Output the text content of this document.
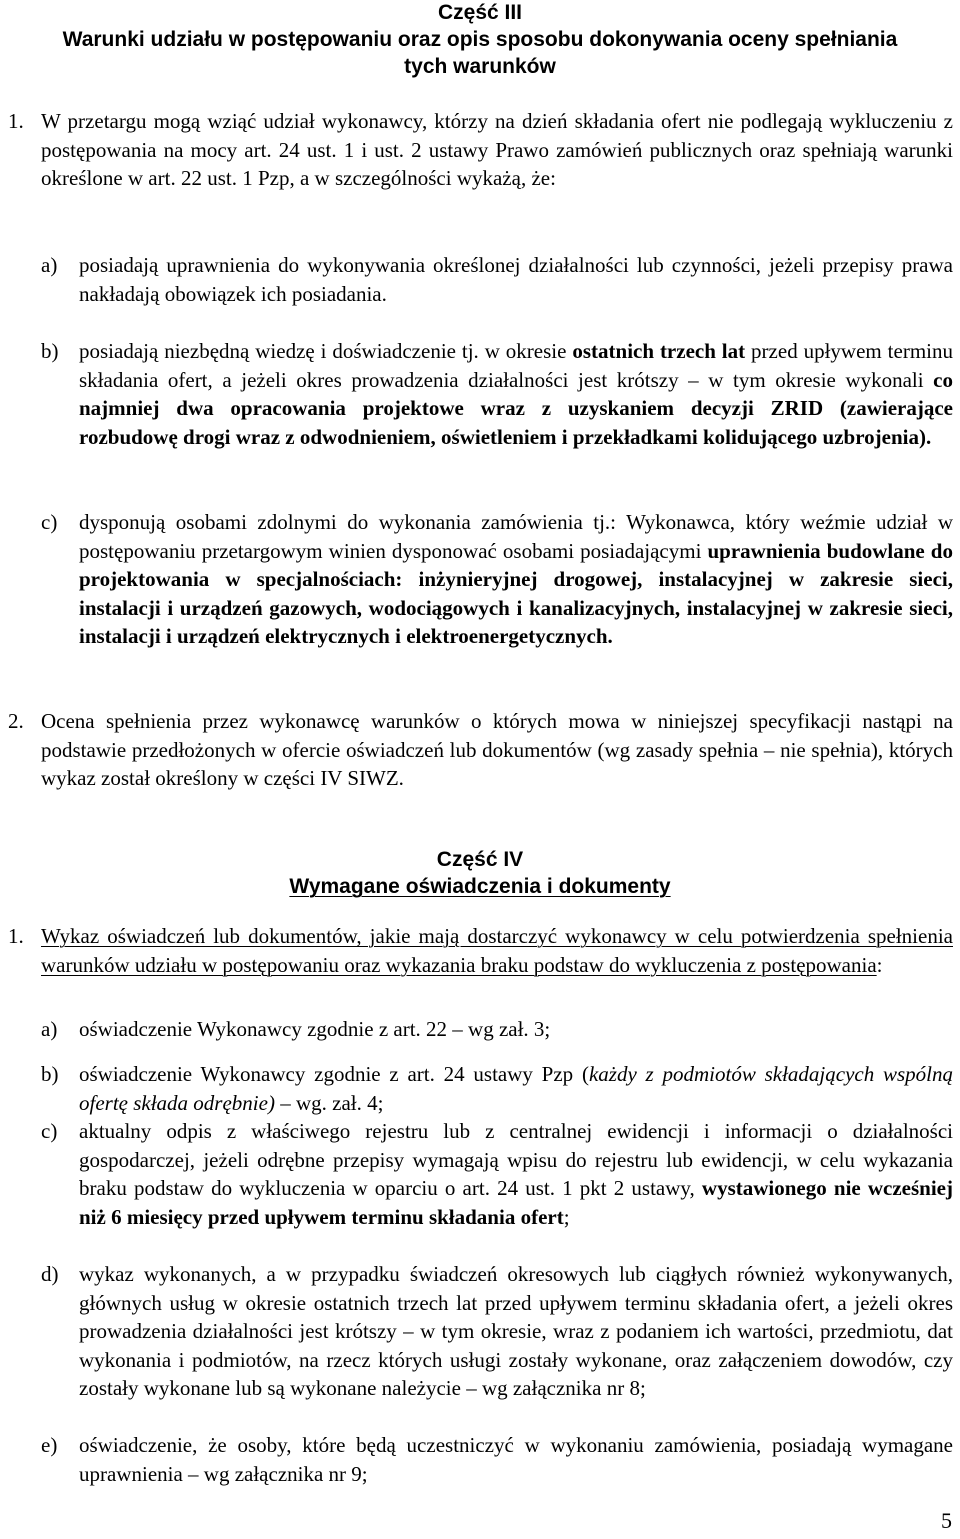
Część III
Warunki udziału w postępowaniu oraz opis sposobu dokonywania oceny spełniania
tych warunków
1. W przetargu mogą wziąć udział wykonawcy, którzy na dzień składania ofert nie podlegają wykluczeniu z postępowania na mocy art. 24 ust. 1 i ust. 2 ustawy Prawo zamówień publicznych oraz spełniają warunki określone w art. 22 ust. 1 Pzp, a w szczególności wykażą, że:

a) posiadają uprawnienia do wykonywania określonej działalności lub czynności, jeżeli przepisy prawa nakładają obowiązek ich posiadania.

b) posiadają niezbędną wiedzę i doświadczenie tj. w okresie ostatnich trzech lat przed upływem terminu składania ofert, a jeżeli okres prowadzenia działalności jest krótszy – w tym okresie wykonali co najmniej dwa opracowania projektowe wraz z uzyskaniem decyzji ZRID (zawierające rozbudowę drogi wraz z odwodnieniem, oświetleniem i przekładkami kolidującego uzbrojenia).

c) dysponują osobami zdolnymi do wykonania zamówienia tj.: Wykonawca, który weźmie udział w postępowaniu przetargowym winien dysponować osobami posiadającymi uprawnienia budowlane do projektowania w specjalnościach: inżynieryjnej drogowej, instalacyjnej w zakresie sieci, instalacji i urządzeń gazowych, wodociągowych i kanalizacyjnych, instalacyjnej w zakresie sieci, instalacji i urządzeń elektrycznych i elektroenergetycznych.

2. Ocena spełnienia przez wykonawcę warunków o których mowa w niniejszej specyfikacji nastąpi na podstawie przedłożonych w ofercie oświadczeń lub dokumentów (wg zasady spełnia – nie spełnia), których wykaz został określony w części IV SIWZ.

Część IV
Wymagane oświadczenia i dokumenty
1. Wykaz oświadczeń lub dokumentów, jakie mają dostarczyć wykonawcy w celu potwierdzenia spełnienia warunków udziału w postępowaniu oraz wykazania braku podstaw do wykluczenia z postępowania:

a) oświadczenie Wykonawcy zgodnie z art. 22 – wg zał. 3;

b) oświadczenie Wykonawcy zgodnie z art. 24 ustawy Pzp (każdy z podmiotów składających wspólną ofertę składa odrębnie) – wg. zał. 4;

c) aktualny odpis z właściwego rejestru lub z centralnej ewidencji i informacji o działalności gospodarczej, jeżeli odrębne przepisy wymagają wpisu do rejestru lub ewidencji, w celu wykazania braku podstaw do wykluczenia w oparciu o art. 24 ust. 1 pkt 2 ustawy, wystawionego nie wcześniej niż 6 miesięcy przed upływem terminu składania ofert;

d) wykaz wykonanych, a w przypadku świadczeń okresowych lub ciągłych również wykonywanych, głównych usług w okresie ostatnich trzech lat przed upływem terminu składania ofert, a jeżeli okres prowadzenia działalności jest krótszy – w tym okresie, wraz z podaniem ich wartości, przedmiotu, dat wykonania i podmiotów, na rzecz których usługi zostały wykonane, oraz załączeniem dowodów, czy zostały wykonane lub są wykonane należycie – wg załącznika nr 8;

e) oświadczenie, że osoby, które będą uczestniczyć w wykonaniu zamówienia, posiadają wymagane uprawnienia – wg załącznika nr 9;

5
